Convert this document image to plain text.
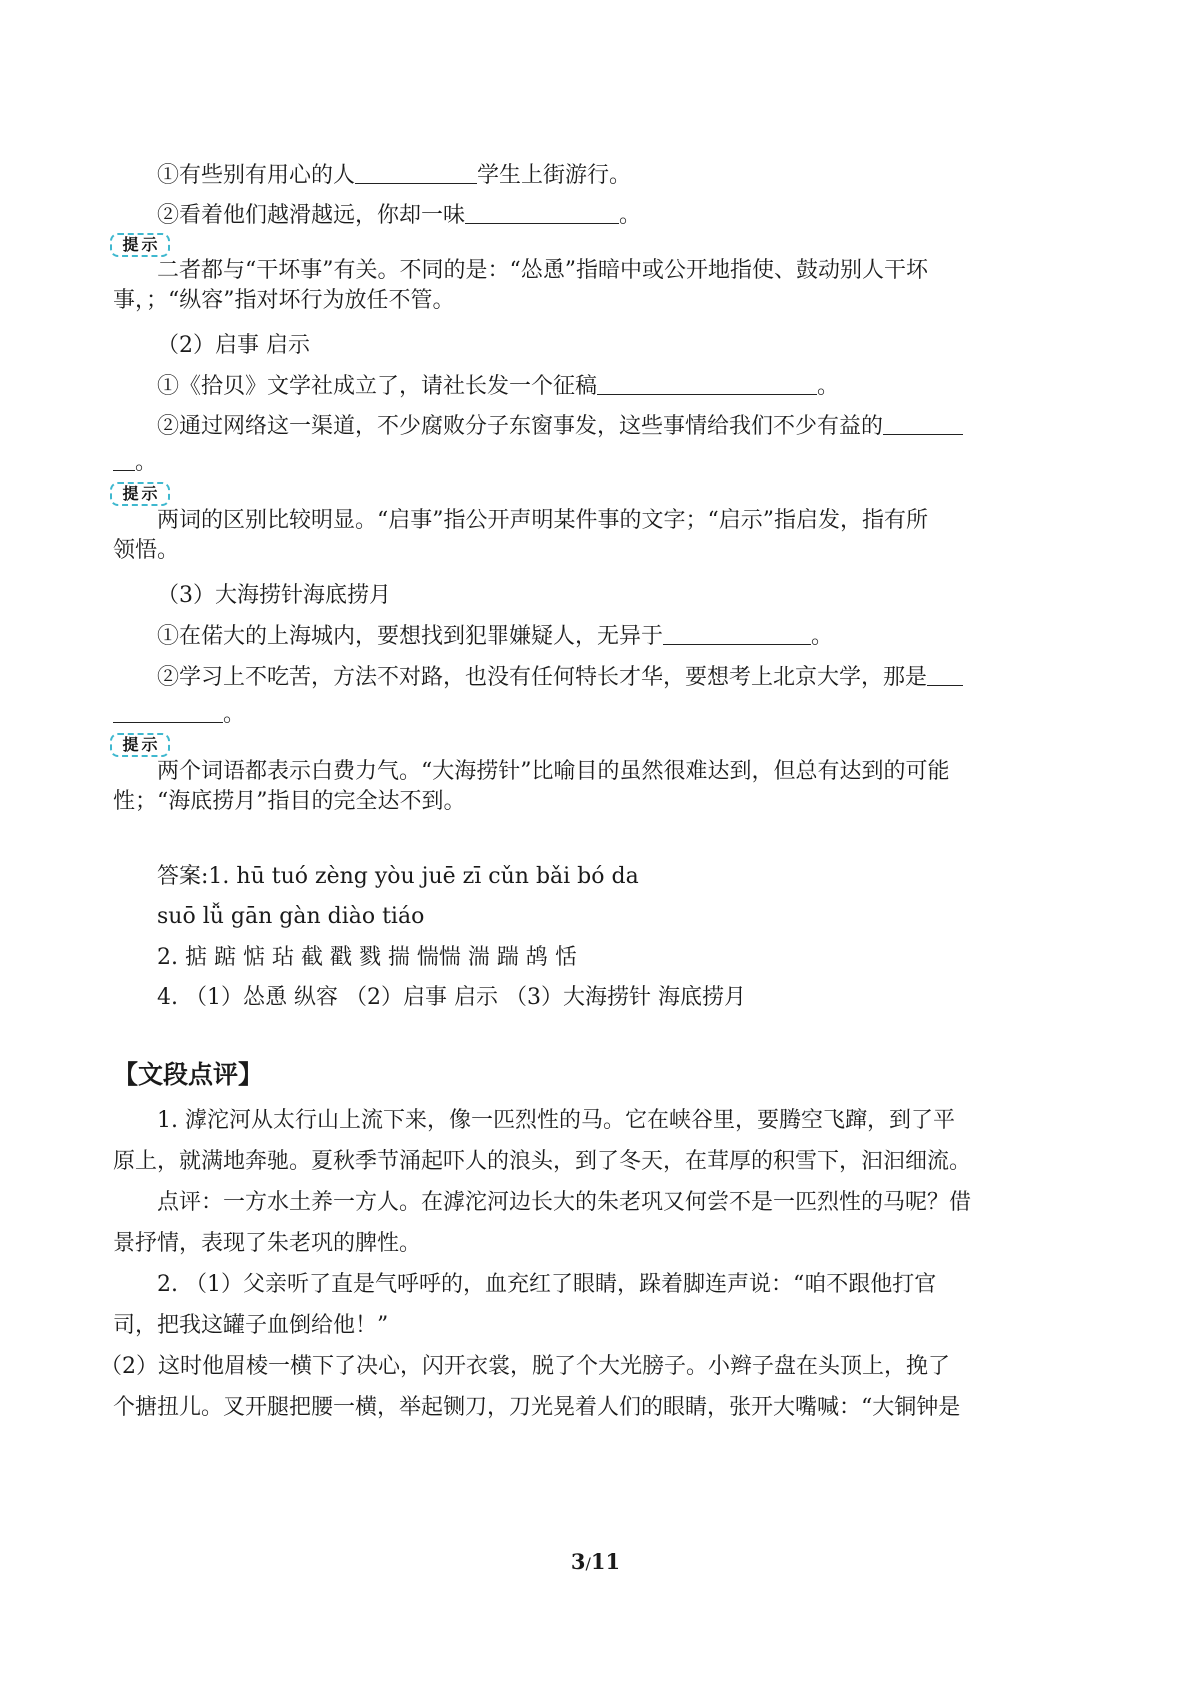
①有些别有用心的人	学生上街游行。
②看着他们越滑越远，你却一味	。
提示
二者都与“干坏事”有关。不同的是：“怂恿”指暗中或公开地指使、鼓动别人干坏
事，；“纵容”指对坏行为放任不管。
（2）启事 启示
①《拾贝》文学社成立了，请社长发一个征稿	。
②通过网络这一渠道，不少腐败分子东窗事发，这些事情给我们不少有益的
。
提示
两词的区别比较明显。“启事”指公开声明某件事的文字；“启示”指启发，指有所
领悟。
（3）大海捞针海底捞月
①在偌大的上海城内，要想找到犯罪嫌疑人，无异于	。
②学习上不吃苦，方法不对路，也没有任何特长才华，要想考上北京大学，那是
。
提示
两个词语都表示白费力气。“大海捞针”比喻目的虽然很难达到，但总有达到的可能
性；“海底捞月”指目的完全达不到。
答案:1. hū tuó zèng yòu juē zī cǔn bǎi bó da
suō lǚ gān gàn diào tiáo
2. 掂 踮 惦 玷 截 戳 戮 揣 惴惴 湍 踹 鸪 恬
4. （1）怂恿 纵容 （2）启事 启示 （3）大海捞针 海底捞月
【文段点评】
1. 滹沱河从太行山上流下来，像一匹烈性的马。它在峡谷里，要腾空飞蹿，到了平
原上，就满地奔驰。夏秋季节涌起吓人的浪头，到了冬天，在茸厚的积雪下，汩汩细流。
点评：一方水土养一方人。在滹沱河边长大的朱老巩又何尝不是一匹烈性的马呢？借
景抒情，表现了朱老巩的脾性。
2. （1）父亲听了直是气呼呼的，血充红了眼睛，跺着脚连声说：“咱不跟他打官
司，把我这罐子血倒给他！”
（2）这时他眉棱一横下了决心，闪开衣裳，脱了个大光膀子。小辫子盘在头顶上，挽了
个搪扭儿。叉开腿把腰一横，举起铡刀，刀光晃着人们的眼睛，张开大嘴喊：“大铜钟是
3/11
